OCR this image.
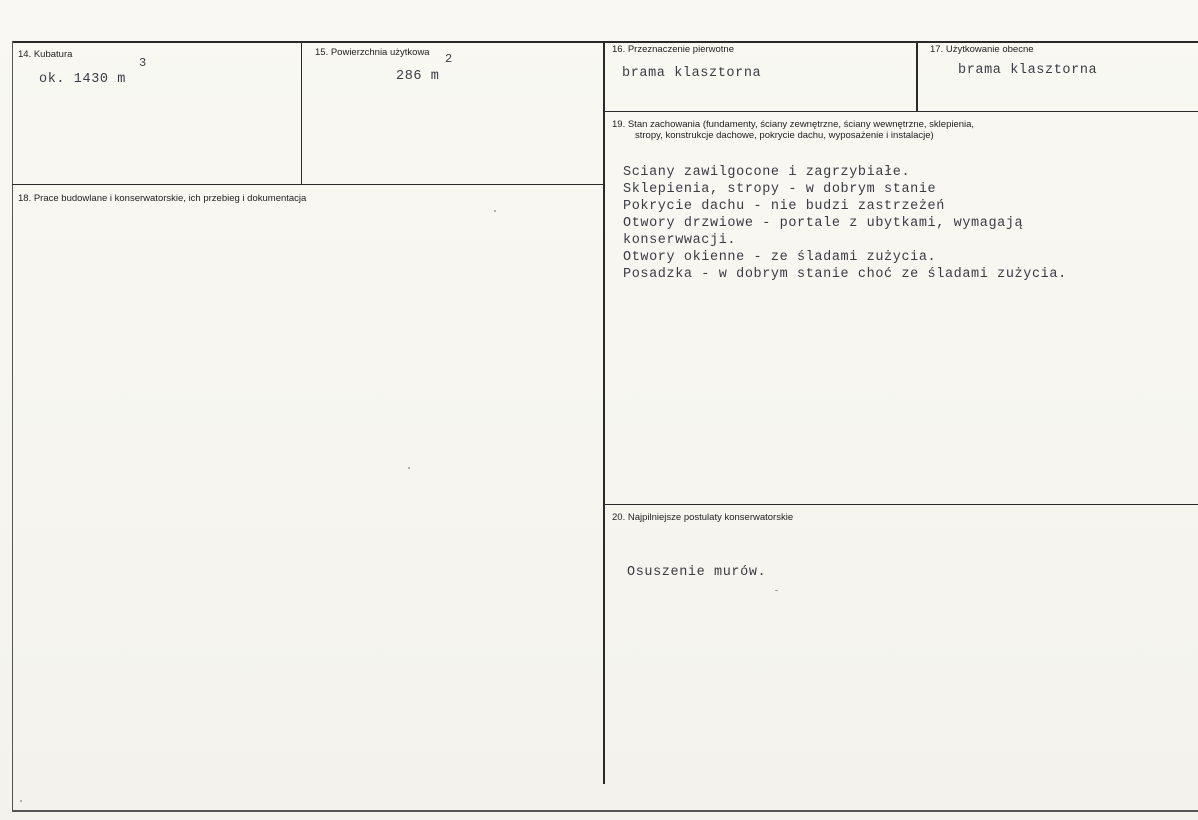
14. Kubatura
3
ok. 1430 m
15. Powierzchnia użytkowa 2
286 m
16. Przeznaczenie pierwotne
brama klasztorna
17. Użytkowanie obecne
brama klasztorna
18. Prace budowlane i konserwatorskie, ich przebieg i dokumentacja
19. Stan zachowania (fundamenty, ściany zewnętrzne, ściany wewnętrzne, sklepienia,
stropy, konstrukcje dachowe, pokrycie dachu, wyposażenie i instalacje)
Sciany zawilgocone i zagrzybiałe.
Sklepienia, stropy - w dobrym stanie
Pokrycie dachu - nie budzi zastrzeżeń
Otwory drzwiowe - portale z ubytkami, wymagają
konserwwacji.
Otwory okienne - ze śladami zużycia.
Posadzka - w dobrym stanie choć ze śladami zużycia.
20. Najpilniejsze postulaty konserwatorskie
Osuszenie murów.
